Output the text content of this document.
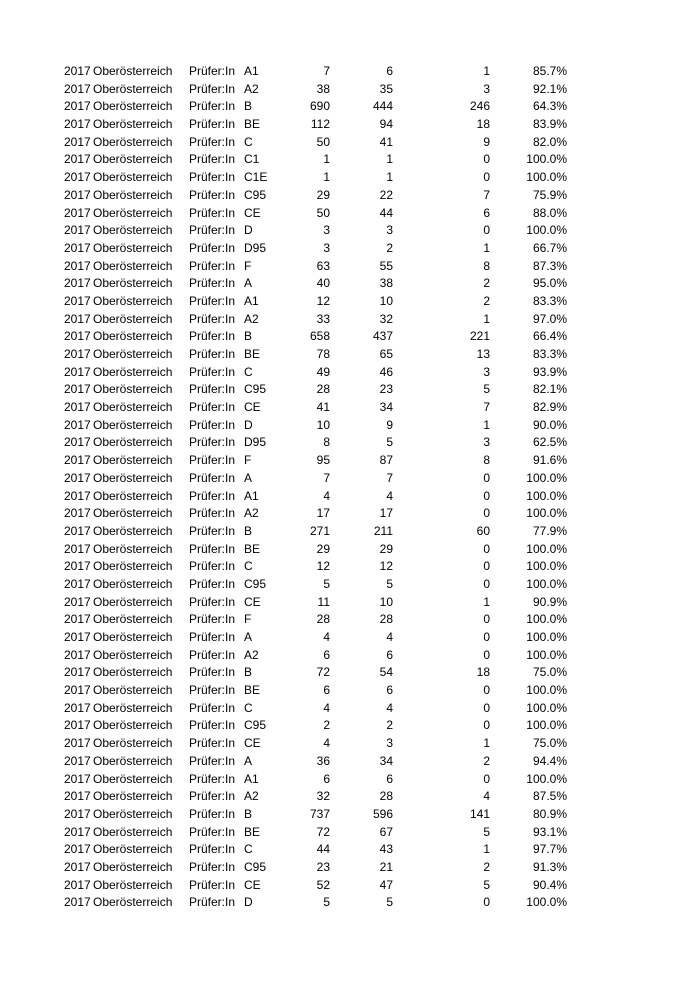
2017 Oberösterreich Prüfer:In A1	7	6	1	85.7%
2017 Oberösterreich Prüfer:In A2	38	35	3	92.1%
2017 Oberösterreich Prüfer:In B	690	444	246	64.3%
2017 Oberösterreich Prüfer:In BE	112	94	18	83.9%
2017 Oberösterreich Prüfer:In C	50	41	9	82.0%
2017 Oberösterreich Prüfer:In C1	1	1	0	100.0%
2017 Oberösterreich Prüfer:In C1E	1	1	0	100.0%
2017 Oberösterreich Prüfer:In C95	29	22	7	75.9%
2017 Oberösterreich Prüfer:In CE	50	44	6	88.0%
2017 Oberösterreich Prüfer:In D	3	3	0	100.0%
2017 Oberösterreich Prüfer:In D95	3	2	1	66.7%
2017 Oberösterreich Prüfer:In F	63	55	8	87.3%
2017 Oberösterreich Prüfer:In A	40	38	2	95.0%
2017 Oberösterreich Prüfer:In A1	12	10	2	83.3%
2017 Oberösterreich Prüfer:In A2	33	32	1	97.0%
2017 Oberösterreich Prüfer:In B	658	437	221	66.4%
2017 Oberösterreich Prüfer:In BE	78	65	13	83.3%
2017 Oberösterreich Prüfer:In C	49	46	3	93.9%
2017 Oberösterreich Prüfer:In C95	28	23	5	82.1%
2017 Oberösterreich Prüfer:In CE	41	34	7	82.9%
2017 Oberösterreich Prüfer:In D	10	9	1	90.0%
2017 Oberösterreich Prüfer:In D95	8	5	3	62.5%
2017 Oberösterreich Prüfer:In F	95	87	8	91.6%
2017 Oberösterreich Prüfer:In A	7	7	0	100.0%
2017 Oberösterreich Prüfer:In A1	4	4	0	100.0%
2017 Oberösterreich Prüfer:In A2	17	17	0	100.0%
2017 Oberösterreich Prüfer:In B	271	211	60	77.9%
2017 Oberösterreich Prüfer:In BE	29	29	0	100.0%
2017 Oberösterreich Prüfer:In C	12	12	0	100.0%
2017 Oberösterreich Prüfer:In C95	5	5	0	100.0%
2017 Oberösterreich Prüfer:In CE	11	10	1	90.9%
2017 Oberösterreich Prüfer:In F	28	28	0	100.0%
2017 Oberösterreich Prüfer:In A	4	4	0	100.0%
2017 Oberösterreich Prüfer:In A2	6	6	0	100.0%
2017 Oberösterreich Prüfer:In B	72	54	18	75.0%
2017 Oberösterreich Prüfer:In BE	6	6	0	100.0%
2017 Oberösterreich Prüfer:In C	4	4	0	100.0%
2017 Oberösterreich Prüfer:In C95	2	2	0	100.0%
2017 Oberösterreich Prüfer:In CE	4	3	1	75.0%
2017 Oberösterreich Prüfer:In A	36	34	2	94.4%
2017 Oberösterreich Prüfer:In A1	6	6	0	100.0%
2017 Oberösterreich Prüfer:In A2	32	28	4	87.5%
2017 Oberösterreich Prüfer:In B	737	596	141	80.9%
2017 Oberösterreich Prüfer:In BE	72	67	5	93.1%
2017 Oberösterreich Prüfer:In C	44	43	1	97.7%
2017 Oberösterreich Prüfer:In C95	23	21	2	91.3%
2017 Oberösterreich Prüfer:In CE	52	47	5	90.4%
2017 Oberösterreich Prüfer:In D	5	5	0	100.0%
